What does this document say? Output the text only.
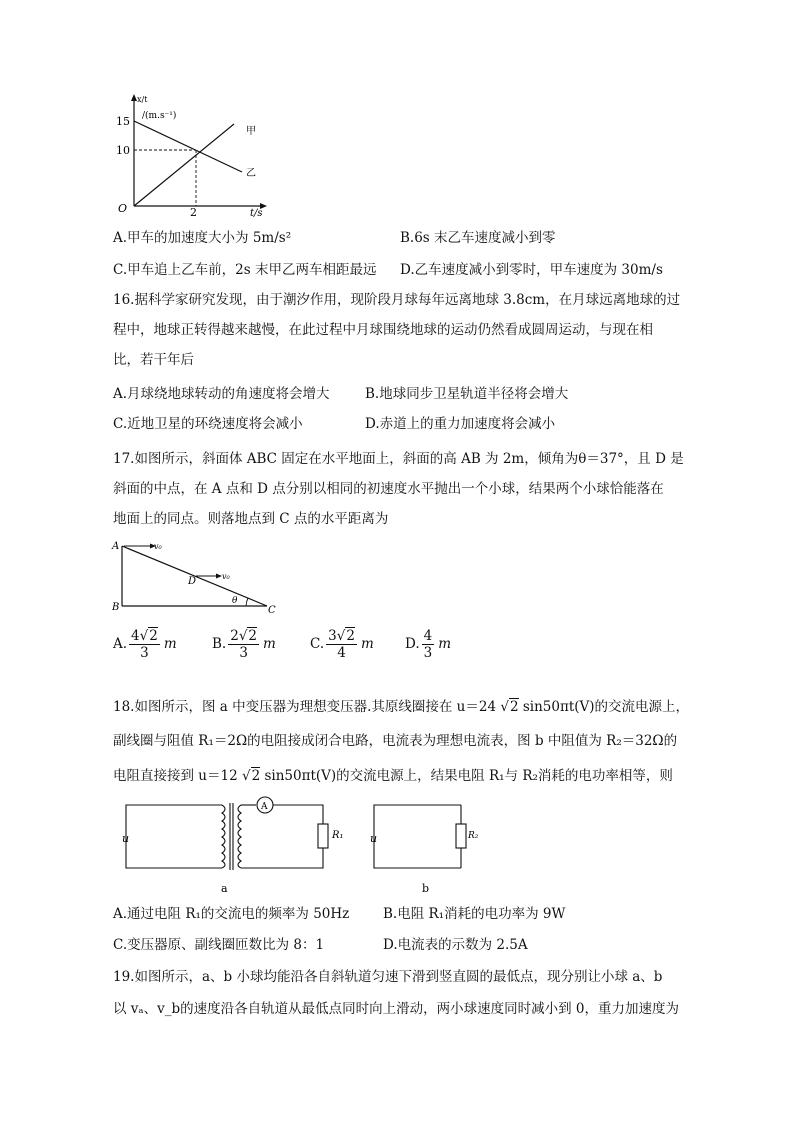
x/t
/(m.s⁻¹)
15
10
O	2	t/s
甲
乙
A.甲车的加速度大小为 5m/s²	B.6s 末乙车速度减小到零
C.甲车追上乙车前，2s 末甲乙两车相距最远 D.乙车速度减小到零时，甲车速度为 30m/s
16.据科学家研究发现，由于潮汐作用，现阶段月球每年远离地球 3.8cm，在月球远离地球的过
程中，地球正转得越来越慢，在此过程中月球围绕地球的运动仍然看成圆周运动，与现在相
比，若干年后
A.月球绕地球转动的角速度将会增大	B.地球同步卫星轨道半径将会增大
C.近地卫星的环绕速度将会减小	D.赤道上的重力加速度将会减小
17.如图所示，斜面体 ABC 固定在水平地面上，斜面的高 AB 为 2m，倾角为θ＝37°，且 D 是
斜面的中点，在 A 点和 D 点分别以相同的初速度水平抛出一个小球，结果两个小球恰能落在
地面上的同点。则落地点到 C 点的水平距离为
A
B	C
D
v₀
v₀
θ
A. $\frac{4√2}{3}$ m	B. $\frac{2√2}{3}$ m	C. $\frac{3√2}{4}$ m D. $\frac{4}{3}$ m
18.如图所示，图 a 中变压器为理想变压器.其原线圈接在 u＝24 √2 sin50πt(V)的交流电源上，
副线圈与阻值 R₁＝2Ω的电阻接成闭合电路，电流表为理想电流表，图 b 中阻值为 R₂＝32Ω的
电阻直接接到 u＝12 √2 sin50πt(V)的交流电源上，结果电阻 R₁与 R₂消耗的电功率相等，则
u
A
R₁
a
u	R₂
b
A.通过电阻 R₁的交流电的频率为 50Hz B.电阻 R₁消耗的电功率为 9W
C.变压器原、副线圈匝数比为 8：1	D.电流表的示数为 2.5A
19.如图所示，a、b 小球均能沿各自斜轨道匀速下滑到竖直圆的最低点，现分别让小球 a、b
以 vₐ、v_b的速度沿各自轨道从最低点同时向上滑动，两小球速度同时减小到 0，重力加速度为
